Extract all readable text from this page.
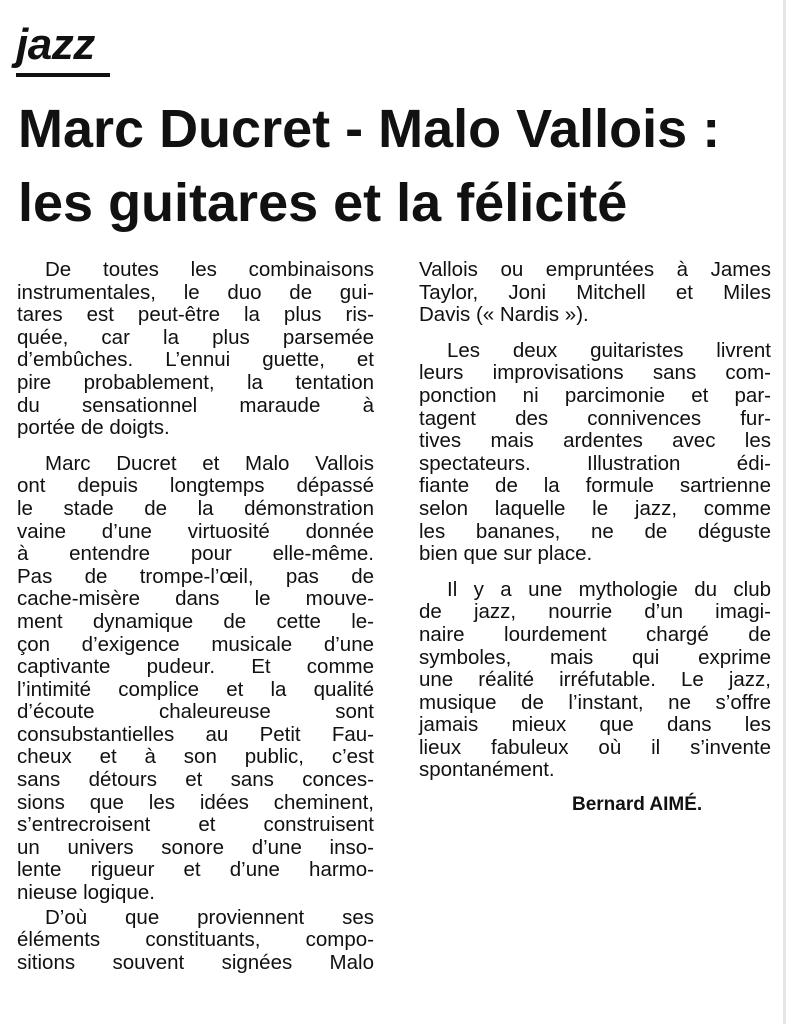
jazz
Marc Ducret - Malo Vallois :
les guitares et la félicité

De toutes les combinaisons
instrumentales, le duo de gui-
tares est peut-être la plus ris-
quée, car la plus parsemée
d’embûches. L’ennui guette, et
pire probablement, la tentation
du sensationnel maraude à
portée de doigts.

Marc Ducret et Malo Vallois
ont depuis longtemps dépassé
le stade de la démonstration
vaine d’une virtuosité donnée
à entendre pour elle-même.
Pas de trompe-l’œil, pas de
cache-misère dans le mouve-
ment dynamique de cette le-
çon d’exigence musicale d’une
captivante pudeur. Et comme
l’intimité complice et la qualité
d’écoute chaleureuse sont
consubstantielles au Petit Fau-
cheux et à son public, c’est
sans détours et sans conces-
sions que les idées cheminent,
s’entrecroisent et construisent
un univers sonore d’une inso-
lente rigueur et d’une harmo-
nieuse logique.

D’où que proviennent ses
éléments constituants, compo-
sitions souvent signées Malo

Vallois ou empruntées à James
Taylor, Joni Mitchell et Miles
Davis (« Nardis »).

Les deux guitaristes livrent
leurs improvisations sans com-
ponction ni parcimonie et par-
tagent des connivences fur-
tives mais ardentes avec les
spectateurs. Illustration édi-
fiante de la formule sartrienne
selon laquelle le jazz, comme
les bananes, ne de déguste
bien que sur place.

Il y a une mythologie du club
de jazz, nourrie d’un imagi-
naire lourdement chargé de
symboles, mais qui exprime
une réalité irréfutable. Le jazz,
musique de l’instant, ne s’offre
jamais mieux que dans les
lieux fabuleux où il s’invente
spontanément.

Bernard AIMÉ.
